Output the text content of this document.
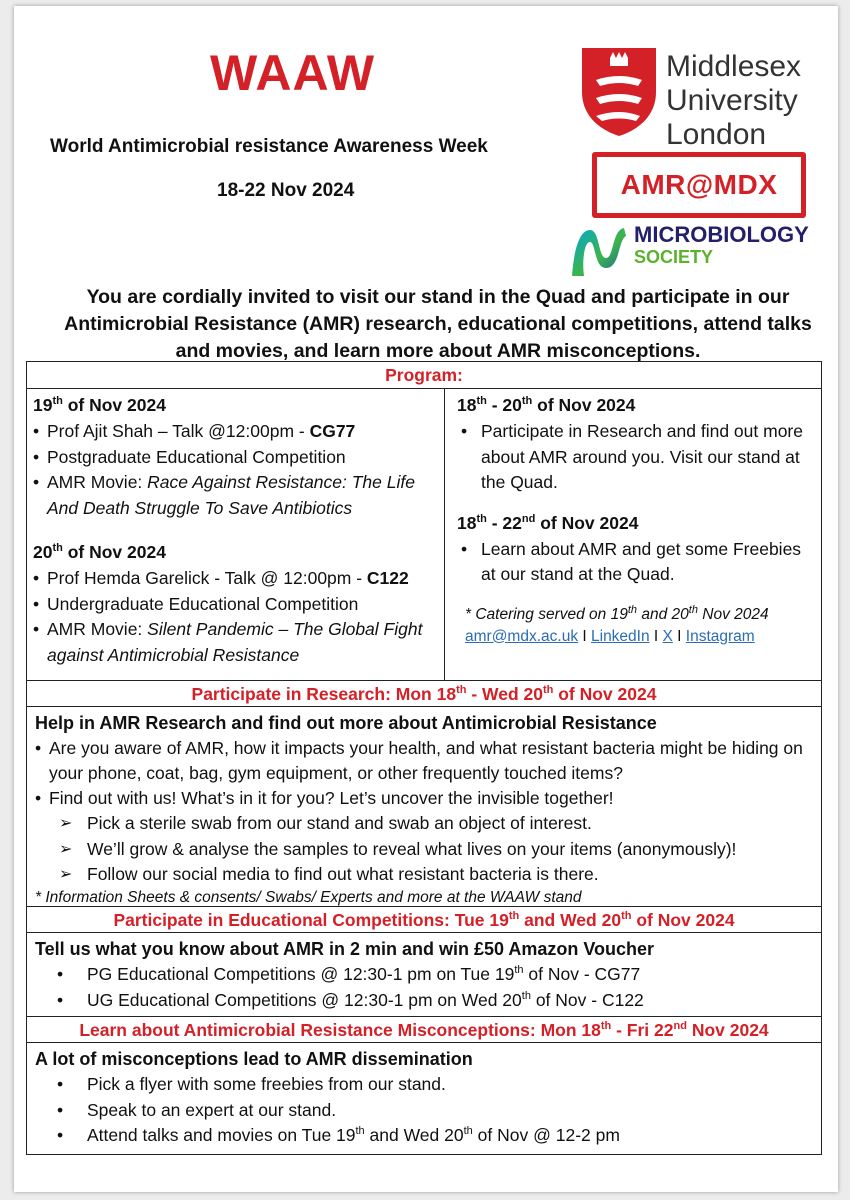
WAAW
World Antimicrobial resistance Awareness Week
18-22 Nov 2024
Middlesex
University
London
AMR@MDX
MICROBIOLOGY
SOCIETY
You are cordially invited to visit our stand in the Quad and participate in our Antimicrobial Resistance (AMR) research, educational competitions, attend talks and movies, and learn more about AMR misconceptions.
Program:
19th of Nov 2024
• Prof Ajit Shah – Talk @12:00pm - CG77
• Postgraduate Educational Competition
• AMR Movie: Race Against Resistance: The Life And Death Struggle To Save Antibiotics
20th of Nov 2024
• Prof Hemda Garelick - Talk @ 12:00pm - C122
• Undergraduate Educational Competition
• AMR Movie: Silent Pandemic – The Global Fight against Antimicrobial Resistance
18th - 20th of Nov 2024
• Participate in Research and find out more about AMR around you. Visit our stand at the Quad.
18th - 22nd of Nov 2024
• Learn about AMR and get some Freebies at our stand at the Quad.
* Catering served on 19th and 20th Nov 2024
amr@mdx.ac.uk I LinkedIn I X I Instagram
Participate in Research: Mon 18th - Wed 20th of Nov 2024
Help in AMR Research and find out more about Antimicrobial Resistance
• Are you aware of AMR, how it impacts your health, and what resistant bacteria might be hiding on your phone, coat, bag, gym equipment, or other frequently touched items?
• Find out with us! What’s in it for you? Let’s uncover the invisible together!
➢ Pick a sterile swab from our stand and swab an object of interest.
➢ We’ll grow & analyse the samples to reveal what lives on your items (anonymously)!
➢ Follow our social media to find out what resistant bacteria is there.
* Information Sheets & consents/ Swabs/ Experts and more at the WAAW stand
Participate in Educational Competitions: Tue 19th and Wed 20th of Nov 2024
Tell us what you know about AMR in 2 min and win £50 Amazon Voucher
• PG Educational Competitions @ 12:30-1 pm on Tue 19th of Nov - CG77
• UG Educational Competitions @ 12:30-1 pm on Wed 20th of Nov - C122
Learn about Antimicrobial Resistance Misconceptions: Mon 18th - Fri 22nd Nov 2024
A lot of misconceptions lead to AMR dissemination
• Pick a flyer with some freebies from our stand.
• Speak to an expert at our stand.
• Attend talks and movies on Tue 19th and Wed 20th of Nov @ 12-2 pm
